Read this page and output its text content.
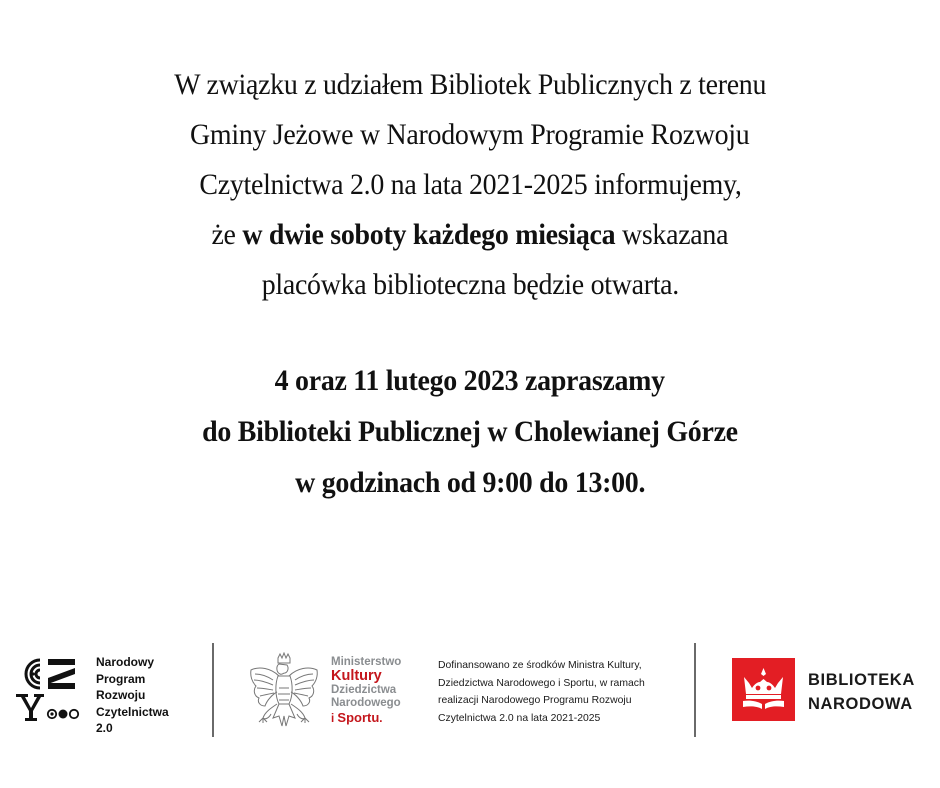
W związku z udziałem Bibliotek Publicznych z terenu
Gminy Jeżowe w Narodowym Programie Rozwoju
Czytelnictwa 2.0 na lata 2021-2025 informujemy,
że w dwie soboty każdego miesiąca wskazana
placówka biblioteczna będzie otwarta.
4 oraz 11 lutego 2023 zapraszamy
do Biblioteki Publicznej w Cholewianej Górze
w godzinach od 9:00 do 13:00.
Narodowy
Program
Rozwoju
Czytelnictwa
2.0
Ministerstwo
Kultury
Dziedzictwa
Narodowego
i Sportu.
Dofinansowano ze środków Ministra Kultury,
Dziedzictwa Narodowego i Sportu, w ramach
realizacji Narodowego Programu Rozwoju
Czytelnictwa 2.0 na lata 2021-2025
BIBLIOTEKA
NARODOWA
